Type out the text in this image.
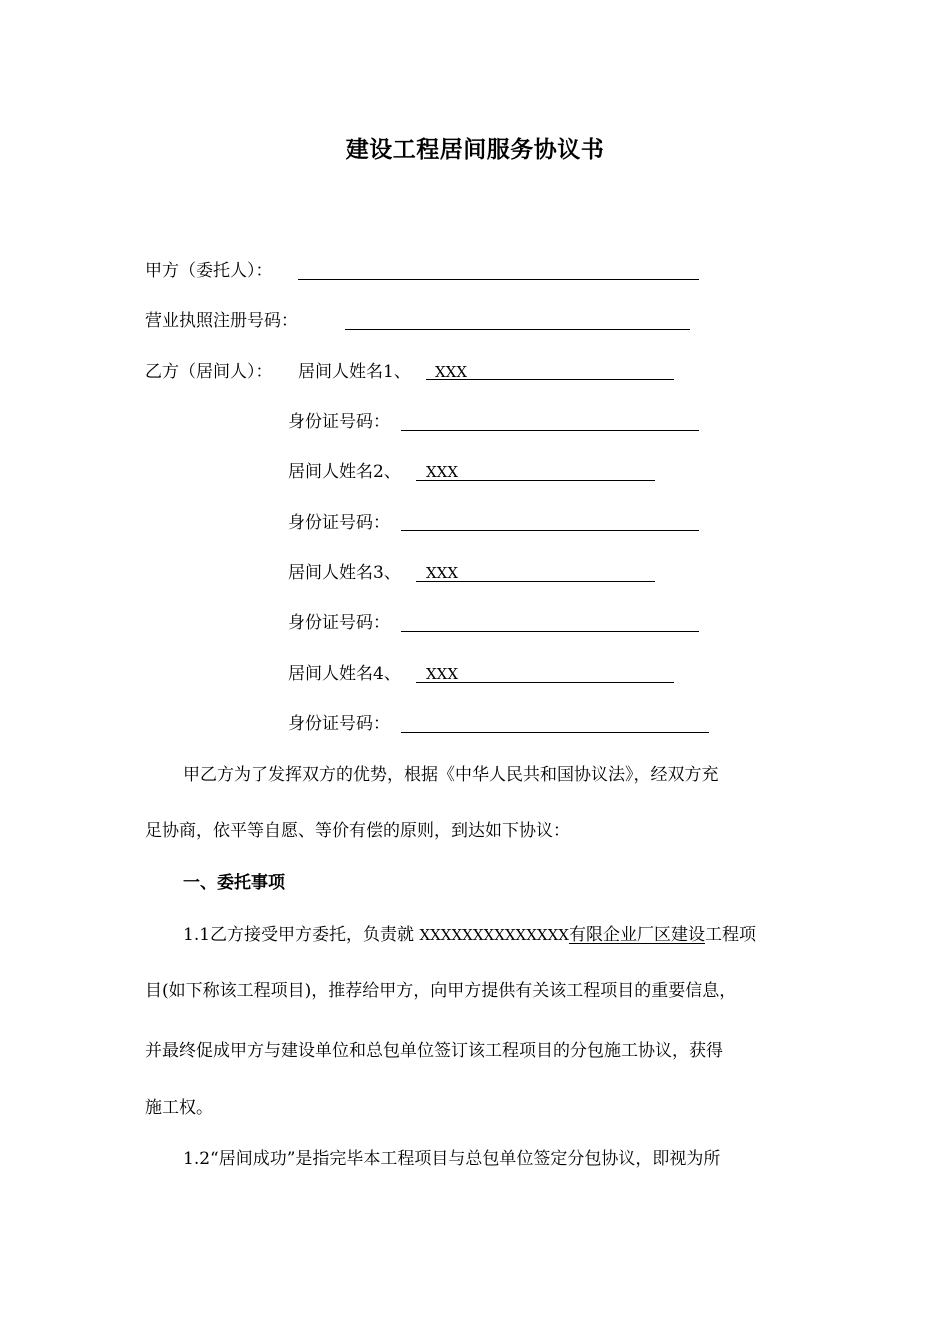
建设工程居间服务协议书
甲方（委托人）：
营业执照注册号码：
乙方（居间人）： 居间人姓名1、 XXX
身份证号码：
居间人姓名2、 XXX
身份证号码：
居间人姓名3、 XXX
身份证号码：
居间人姓名4、 XXX
身份证号码：
甲乙方为了发挥双方的优势，根据《中华人民共和国协议法》，经双方充
足协商，依平等自愿、等价有偿的原则，到达如下协议：
一、委托事项
1.1乙方接受甲方委托，负责就 XXXXXXXXXXXXXX有限企业厂区建设工程项
目(如下称该工程项目)，推荐给甲方，向甲方提供有关该工程项目的重要信息，
并最终促成甲方与建设单位和总包单位签订该工程项目的分包施工协议，获得
施工权。
1.2“居间成功”是指完毕本工程项目与总包单位签定分包协议，即视为所
